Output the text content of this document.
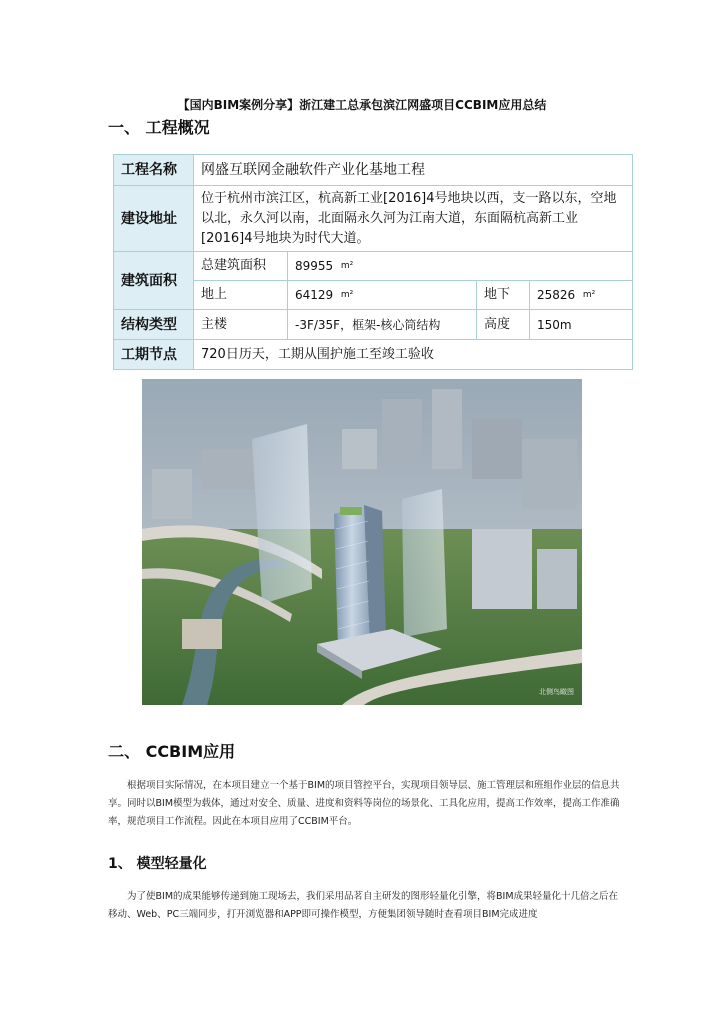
【国内BIM案例分享】浙江建工总承包滨江网盛项目CCBIM应用总结
一、 工程概况
工程名称	网盛互联网金融软件产业化基地工程			
建设地址	位于杭州市滨江区，杭高新工业[2016]4号地块以西，支一路以东，空地以北，永久河以南，北面隔永久河为江南大道，东面隔杭高新工业[2016]4号地块为时代大道。			
建筑面积	总建筑面积	89955 $^{m^2}$
	地上	64129 $^{m^2}$	地下	25826 $^{m^2}$
结构类型	主楼	-3F/35F，框架-核心筒结构	高度	150m
工期节点	720日历天，工期从围护施工至竣工验收			
北侧鸟瞰图
二、 CCBIM应用

根据项目实际情况，在本项目建立一个基于BIM的项目管控平台，实现项目领导层、施工管理层和班组作业层的信息共享。同时以BIM模型为载体，通过对安全、质量、进度和资料等岗位的场景化、工具化应用，提高工作效率，提高工作准确率，规范项目工作流程。因此在本项目应用了CCBIM平台。

1、 模型轻量化

为了使BIM的成果能够传递到施工现场去，我们采用品茗自主研发的图形轻量化引擎，将BIM成果轻量化十几倍之后在移动、Web、PC三端同步，打开浏览器和APP即可操作模型，方便集团领导随时查看项目BIM完成进度
